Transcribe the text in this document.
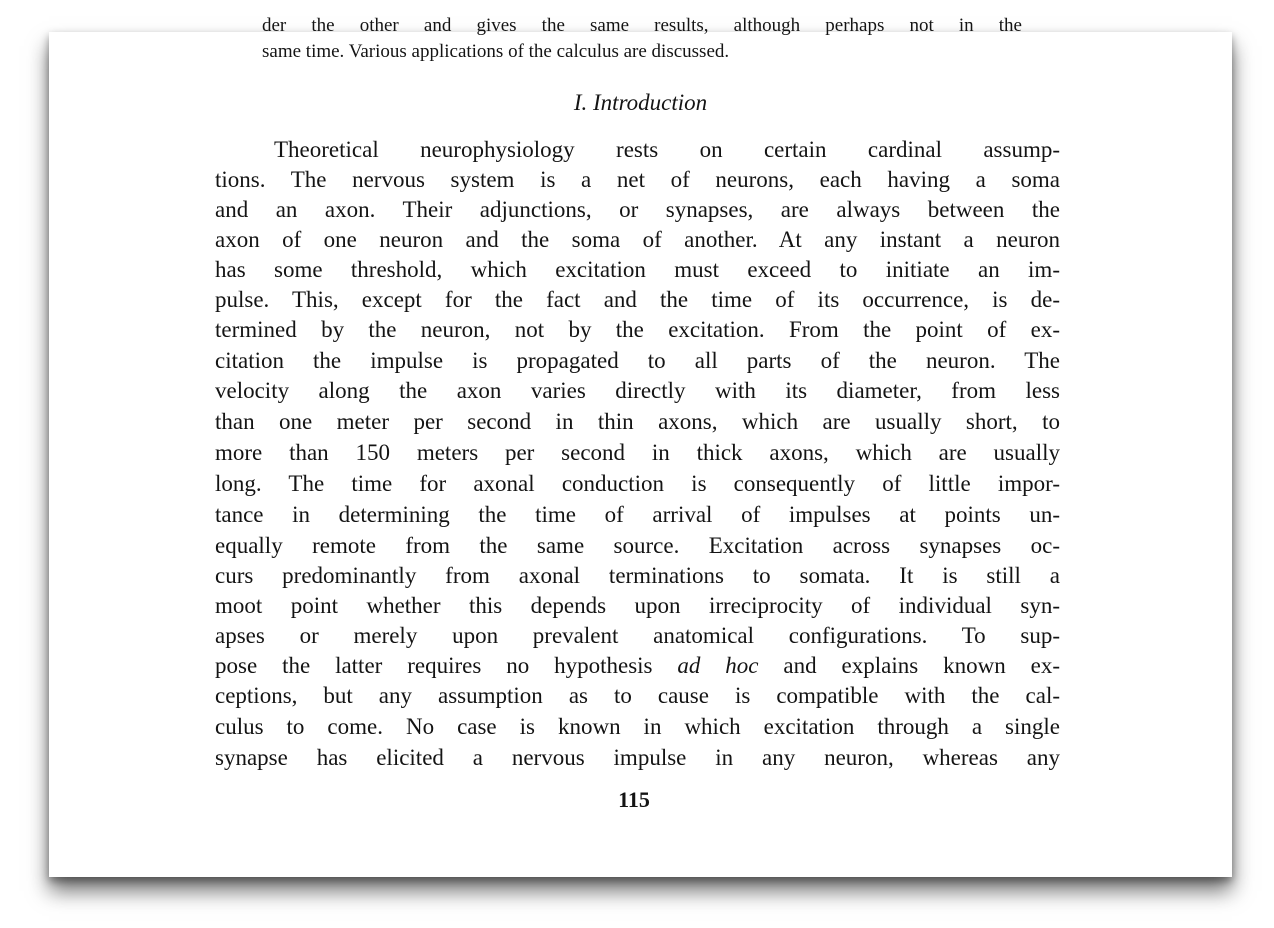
der the other and gives the same results, although perhaps not in the
same time. Various applications of the calculus are discussed.
I. Introduction
Theoretical neurophysiology rests on certain cardinal assump-
tions. The nervous system is a net of neurons, each having a soma
and an axon. Their adjunctions, or synapses, are always between the
axon of one neuron and the soma of another. At any instant a neuron
has some threshold, which excitation must exceed to initiate an im-
pulse. This, except for the fact and the time of its occurrence, is de-
termined by the neuron, not by the excitation. From the point of ex-
citation the impulse is propagated to all parts of the neuron. The
velocity along the axon varies directly with its diameter, from less
than one meter per second in thin axons, which are usually short, to
more than 150 meters per second in thick axons, which are usually
long. The time for axonal conduction is consequently of little impor-
tance in determining the time of arrival of impulses at points un-
equally remote from the same source. Excitation across synapses oc-
curs predominantly from axonal terminations to somata. It is still a
moot point whether this depends upon irreciprocity of individual syn-
apses or merely upon prevalent anatomical configurations. To sup-
pose the latter requires no hypothesis ad hoc and explains known ex-
ceptions, but any assumption as to cause is compatible with the cal-
culus to come. No case is known in which excitation through a single
synapse has elicited a nervous impulse in any neuron, whereas any
115
